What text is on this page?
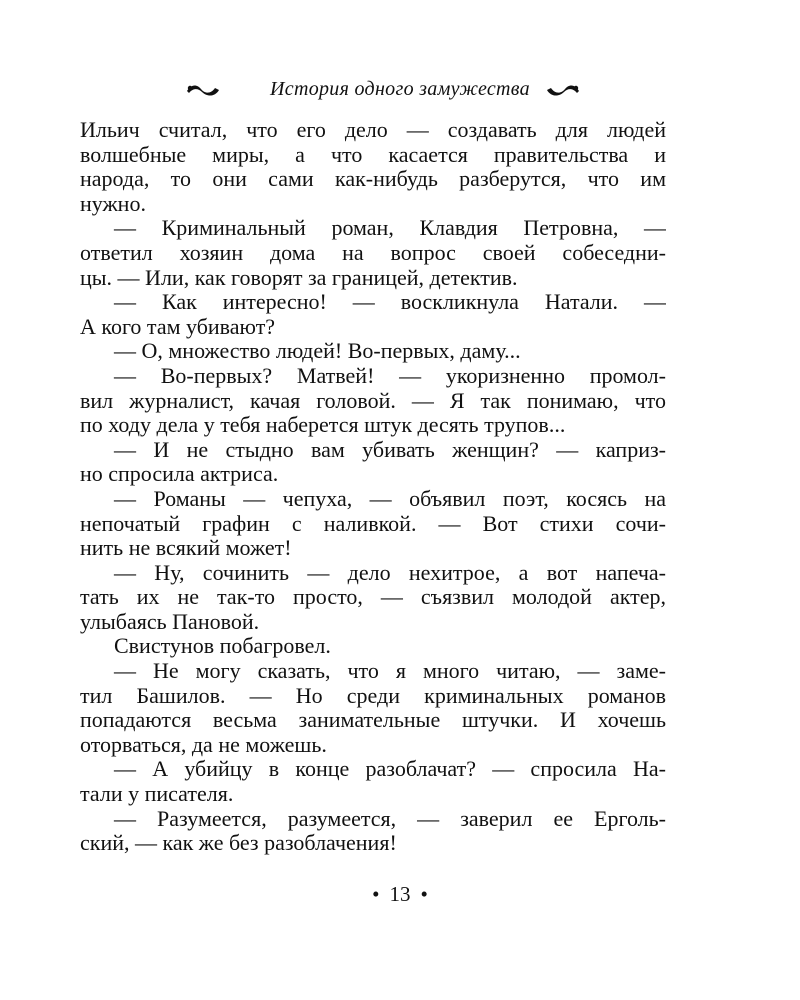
История одного замужества
Ильич считал, что его дело — создавать для людей
волшебные миры, а что касается правительства и
народа, то они сами как-нибудь разберутся, что им
нужно.
— Криминальный роман, Клавдия Петровна, —
ответил хозяин дома на вопрос своей собеседни-
цы. — Или, как говорят за границей, детектив.
— Как интересно! — воскликнула Натали. —
А кого там убивают?
— О, множество людей! Во-первых, даму...
— Во-первых? Матвей! — укоризненно промол-
вил журналист, качая головой. — Я так понимаю, что
по ходу дела у тебя наберется штук десять трупов...
— И не стыдно вам убивать женщин? — каприз-
но спросила актриса.
— Романы — чепуха, — объявил поэт, косясь на
непочатый графин с наливкой. — Вот стихи сочи-
нить не всякий может!
— Ну, сочинить — дело нехитрое, а вот напеча-
тать их не так-то просто, — съязвил молодой актер,
улыбаясь Пановой.
Свистунов побагровел.
— Не могу сказать, что я много читаю, — заме-
тил Башилов. — Но среди криминальных романов
попадаются весьма занимательные штучки. И хочешь
оторваться, да не можешь.
— А убийцу в конце разоблачат? — спросила На-
тали у писателя.
— Разумеется, разумеется, — заверил ее Ерголь-
ский, — как же без разоблачения!
• 13 •
